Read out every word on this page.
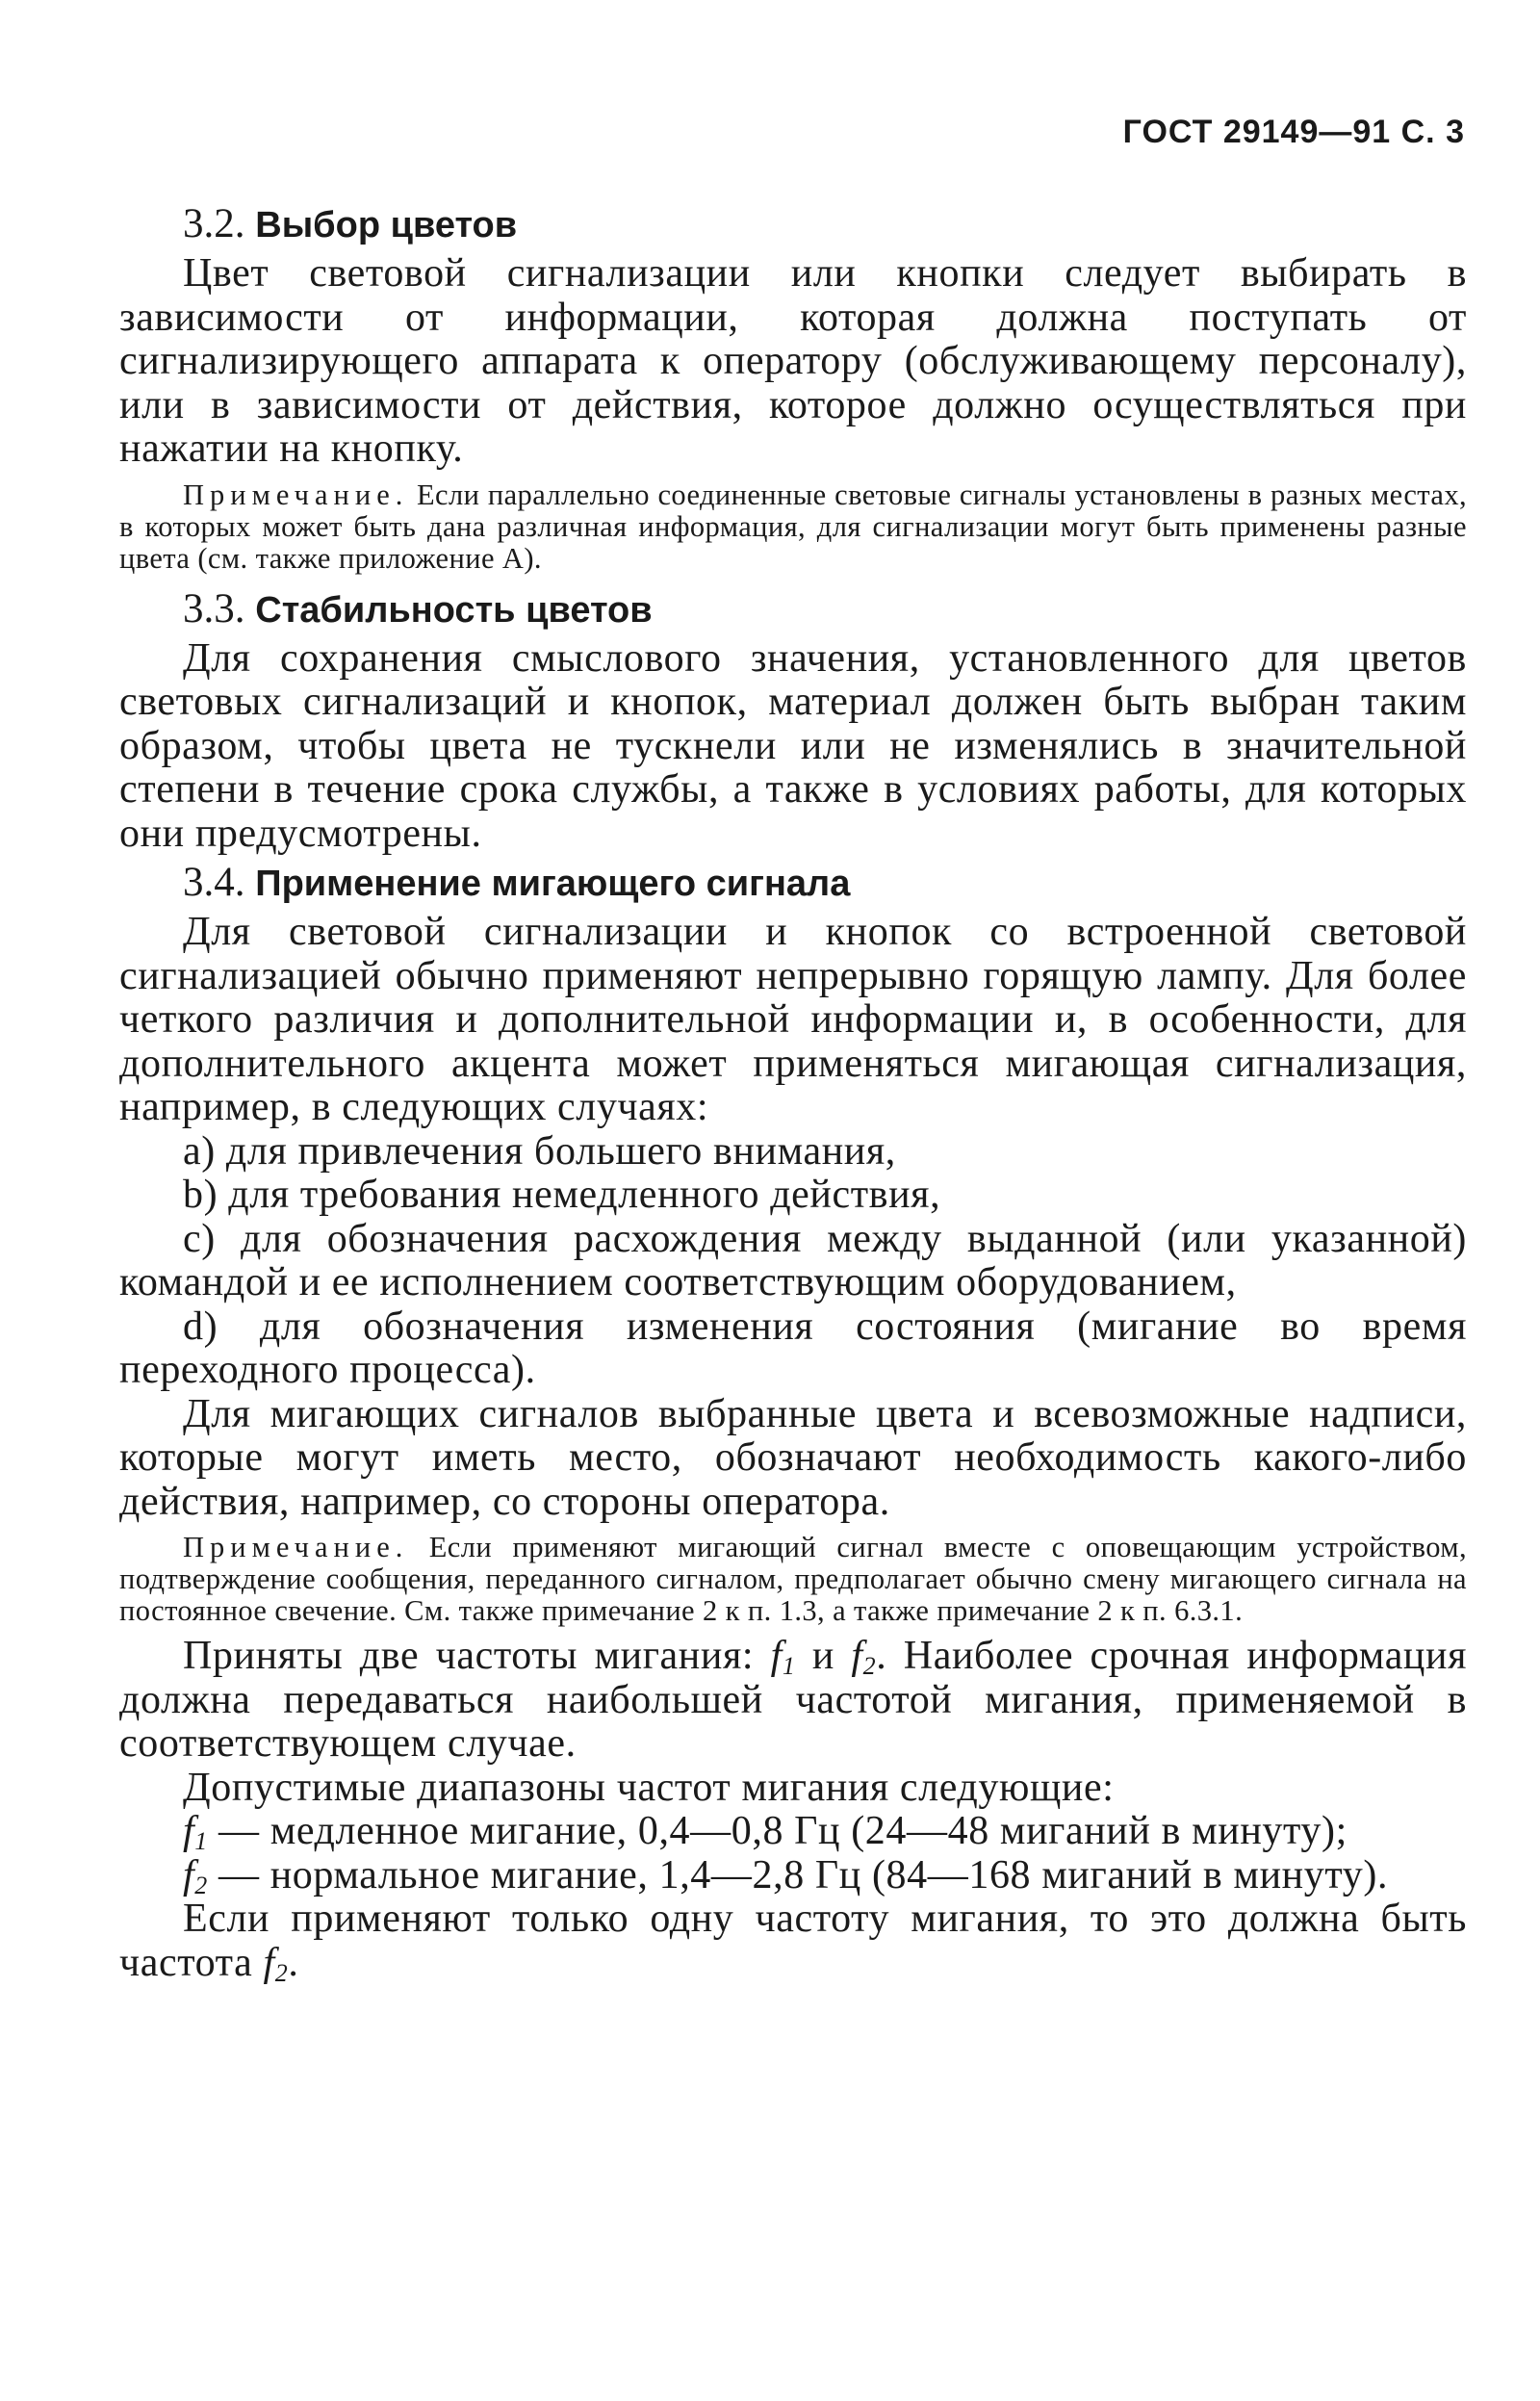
ГОСТ 29149—91 С. 3
3.2. Выбор цветов

Цвет световой сигнализации или кнопки следует выбирать в зависимости от информации, которая должна поступать от сигнализирующего аппарата к оператору (обслуживающему персоналу), или в зависимости от действия, которое должно осуществляться при нажатии на кнопку.

Примечание. Если параллельно соединенные световые сигналы установлены в разных местах, в которых может быть дана различная информация, для сигнализации могут быть применены разные цвета (см. также приложение А).

3.3. Стабильность цветов

Для сохранения смыслового значения, установленного для цветов световых сигнализаций и кнопок, материал должен быть выбран таким образом, чтобы цвета не тускнели или не изменялись в значительной степени в течение срока службы, а также в условиях работы, для которых они предусмотрены.

3.4. Применение мигающего сигнала

Для световой сигнализации и кнопок со встроенной световой сигнализацией обычно применяют непрерывно горящую лампу. Для более четкого различия и дополнительной информации и, в особенности, для дополнительного акцента может применяться мигающая сигнализация, например, в следующих случаях:

а) для привлечения большего внимания,

b) для требования немедленного действия,

с) для обозначения расхождения между выданной (или указанной) командой и ее исполнением соответствующим оборудованием,

d) для обозначения изменения состояния (мигание во время переходного процесса).

Для мигающих сигналов выбранные цвета и всевозможные надписи, которые могут иметь место, обозначают необходимость какого-либо действия, например, со стороны оператора.

Примечание. Если применяют мигающий сигнал вместе с оповещающим устройством, подтверждение сообщения, переданного сигналом, предполагает обычно смену мигающего сигнала на постоянное свечение. См. также примечание 2 к п. 1.3, а также примечание 2 к п. 6.3.1.

Приняты две частоты мигания: $f_1$ и $f_2$. Наиболее срочная информация должна передаваться наибольшей частотой мигания, применяемой в соответствующем случае.

Допустимые диапазоны частот мигания следующие:

$f_1$ — медленное мигание, 0,4—0,8 Гц (24—48 миганий в минуту);

$f_2$ — нормальное мигание, 1,4—2,8 Гц (84—168 миганий в минуту).

Если применяют только одну частоту мигания, то это должна быть частота $f_2$.
